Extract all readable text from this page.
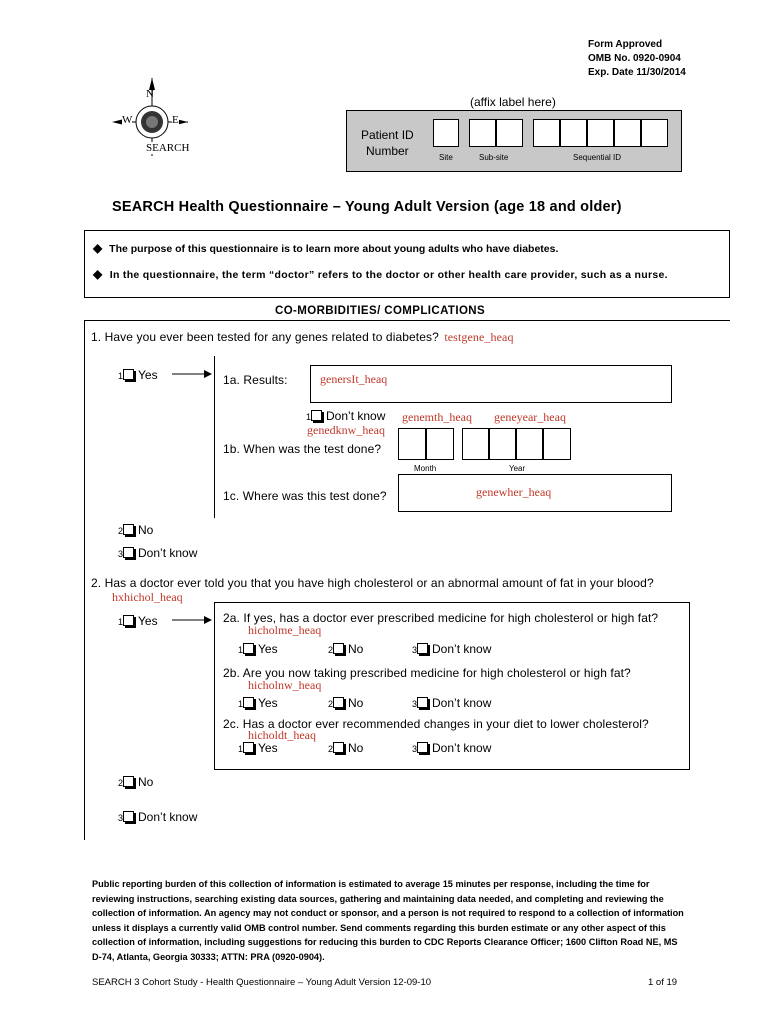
Form Approved
OMB No. 0920-0904
Exp. Date 11/30/2014
N
W	E
SEARCH
(affix label here)
Patient ID
Number	Site	Sub-site	Sequential ID
SEARCH Health Questionnaire – Young Adult Version (age 18 and older)
◆ The purpose of this questionnaire is to learn more about young adults who have diabetes.
◆ In the questionnaire, the term “doctor” refers to the doctor or other health care provider, such as a nurse.
CO-MORBIDITIES/ COMPLICATIONS
1. Have you ever been tested for any genes related to diabetes? testgene_heaq
1 Yes	1a. Results:	genersIt_heaq
1 Don’t know genemth_heaq geneyear_heaq
genedknw_heaq
1b. When was the test done?
Month	Year
1c. Where was this test done?	genewher_heaq
2 No
3 Don’t know
2. Has a doctor ever told you that you have high cholesterol or an abnormal amount of fat in your blood?
hxhichol_heaq
1 Yes	2a. If yes, has a doctor ever prescribed medicine for high cholesterol or high fat?
hicholme_heaq
1 Yes	2 No	3 Don’t know
2b. Are you now taking prescribed medicine for high cholesterol or high fat?
hicholnw_heaq
1 Yes	2 No	3 Don’t know
2c. Has a doctor ever recommended changes in your diet to lower cholesterol?
hicholdt_heaq
1 Yes	2 No	3 Don’t know
2 No
3 Don’t know
Public reporting burden of this collection of information is estimated to average 15 minutes per response, including the time for reviewing instructions, searching existing data sources, gathering and maintaining data needed, and completing and reviewing the collection of information. An agency may not conduct or sponsor, and a person is not required to respond to a collection of information unless it displays a currently valid OMB control number. Send comments regarding this burden estimate or any other aspect of this collection of information, including suggestions for reducing this burden to CDC Reports Clearance Officer; 1600 Clifton Road NE, MS D-74, Atlanta, Georgia 30333; ATTN: PRA (0920-0904).
SEARCH 3 Cohort Study - Health Questionnaire – Young Adult Version 12-09-10	1 of 19
